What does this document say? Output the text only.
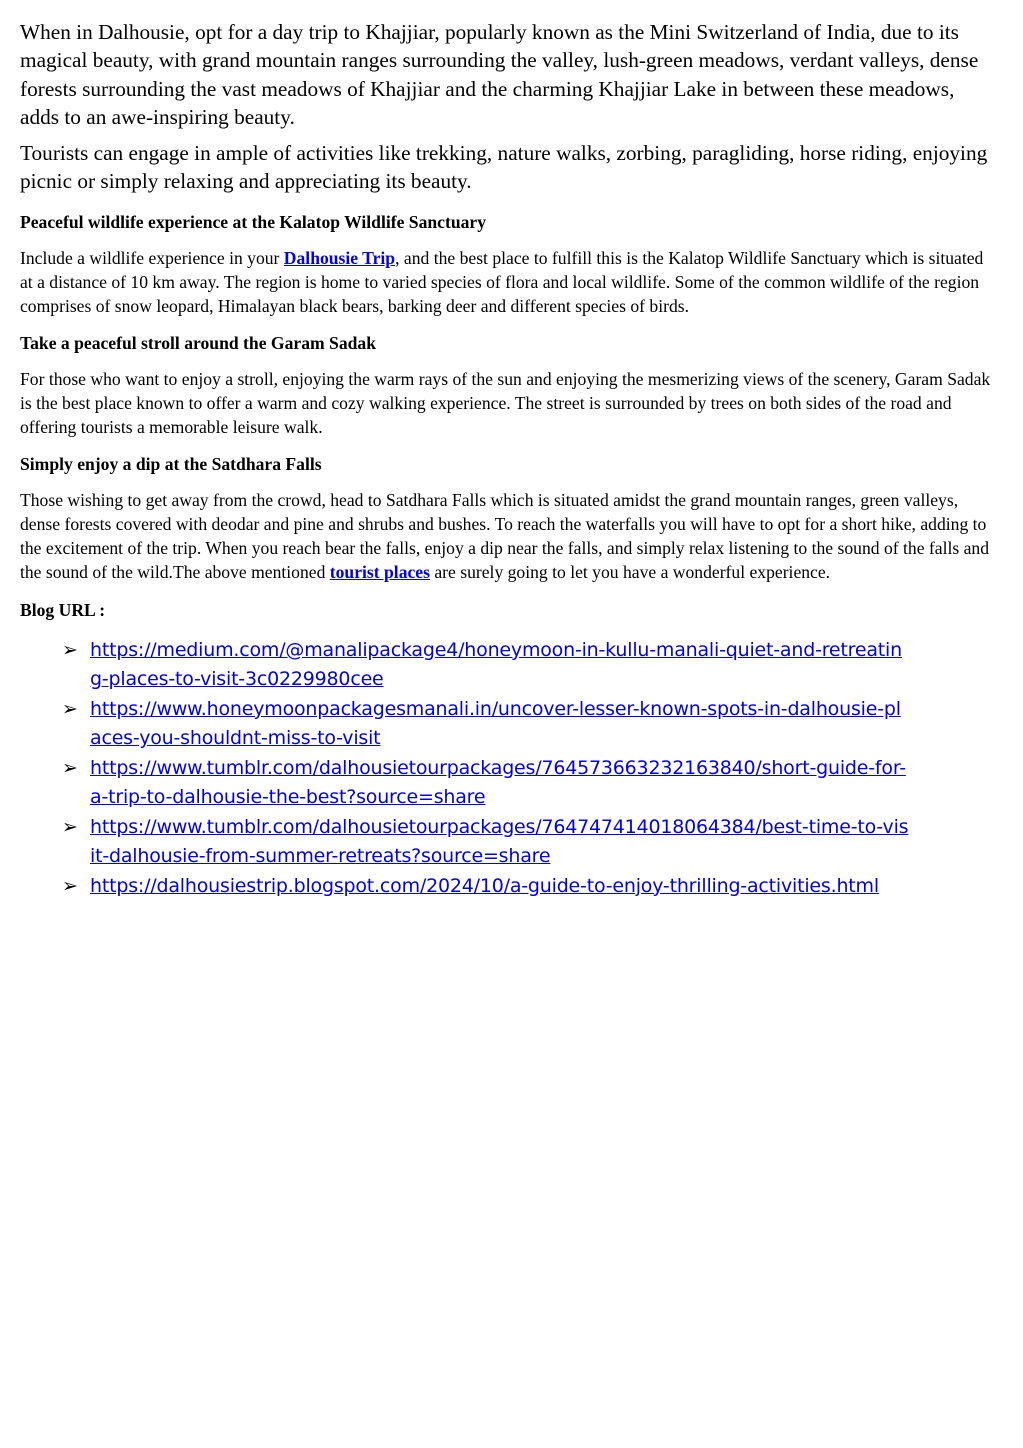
When in Dalhousie, opt for a day trip to Khajjiar, popularly known as the Mini Switzerland of India, due to its magical beauty, with grand mountain ranges surrounding the valley, lush-green meadows, verdant valleys, dense forests surrounding the vast meadows of Khajjiar and the charming Khajjiar Lake in between these meadows, adds to an awe-inspiring beauty.

Tourists can engage in ample of activities like trekking, nature walks, zorbing, paragliding, horse riding, enjoying picnic or simply relaxing and appreciating its beauty.

Peaceful wildlife experience at the Kalatop Wildlife Sanctuary

Include a wildlife experience in your Dalhousie Trip, and the best place to fulfill this is the Kalatop Wildlife Sanctuary which is situated at a distance of 10 km away. The region is home to varied species of flora and local wildlife. Some of the common wildlife of the region comprises of snow leopard, Himalayan black bears, barking deer and different species of birds.

Take a peaceful stroll around the Garam Sadak

For those who want to enjoy a stroll, enjoying the warm rays of the sun and enjoying the mesmerizing views of the scenery, Garam Sadak is the best place known to offer a warm and cozy walking experience. The street is surrounded by trees on both sides of the road and offering tourists a memorable leisure walk.

Simply enjoy a dip at the Satdhara Falls

Those wishing to get away from the crowd, head to Satdhara Falls which is situated amidst the grand mountain ranges, green valleys, dense forests covered with deodar and pine and shrubs and bushes. To reach the waterfalls you will have to opt for a short hike, adding to the excitement of the trip. When you reach bear the falls, enjoy a dip near the falls, and simply relax listening to the sound of the falls and the sound of the wild.The above mentioned tourist places are surely going to let you have a wonderful experience.

Blog URL :
➢ https://medium.com/@manalipackage4/honeymoon-in-kullu-manali-quiet-and-retreating-places-to-visit-3c0229980cee
➢ https://www.honeymoonpackagesmanali.in/uncover-lesser-known-spots-in-dalhousie-places-you-shouldnt-miss-to-visit
➢ https://www.tumblr.com/dalhousietourpackages/764573663232163840/short-guide-for-a-trip-to-dalhousie-the-best?source=share
➢ https://www.tumblr.com/dalhousietourpackages/764747414018064384/best-time-to-visit-dalhousie-from-summer-retreats?source=share
➢ https://dalhousiestrip.blogspot.com/2024/10/a-guide-to-enjoy-thrilling-activities.html
